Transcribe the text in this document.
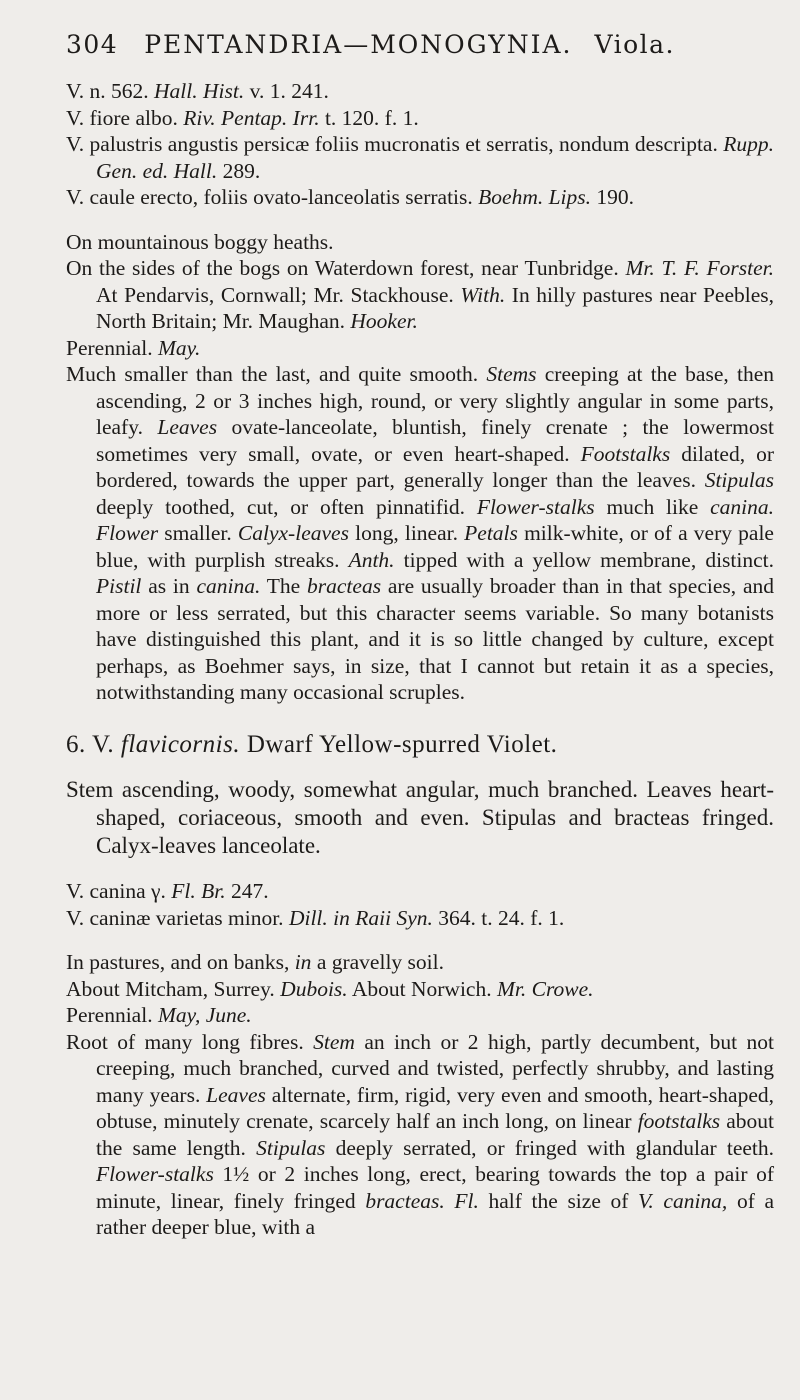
304 PENTANDRIA—MONOGYNIA. Viola.

V. n. 562. Hall. Hist. v. 1. 241.

V. fiore albo. Riv. Pentap. Irr. t. 120. f. 1.

V. palustris angustis persicæ foliis mucronatis et serratis, nondum descripta. Rupp. Gen. ed. Hall. 289.

V. caule erecto, foliis ovato-lanceolatis serratis. Boehm. Lips. 190.

On mountainous boggy heaths.

On the sides of the bogs on Waterdown forest, near Tunbridge. Mr. T. F. Forster. At Pendarvis, Cornwall; Mr. Stackhouse. With. In hilly pastures near Peebles, North Britain; Mr. Maughan. Hooker.

Perennial. May.

Much smaller than the last, and quite smooth. Stems creeping at the base, then ascending, 2 or 3 inches high, round, or very slightly angular in some parts, leafy. Leaves ovate-lanceolate, bluntish, finely crenate ; the lowermost sometimes very small, ovate, or even heart-shaped. Footstalks dilated, or bordered, towards the upper part, generally longer than the leaves. Stipulas deeply toothed, cut, or often pinnatifid. Flower-stalks much like canina. Flower smaller. Calyx-leaves long, linear. Petals milk-white, or of a very pale blue, with purplish streaks. Anth. tipped with a yellow membrane, distinct. Pistil as in canina. The bracteas are usually broader than in that species, and more or less serrated, but this character seems variable. So many botanists have distinguished this plant, and it is so little changed by culture, except perhaps, as Boehmer says, in size, that I cannot but retain it as a species, notwithstanding many occasional scruples.

6. V. flavicornis. Dwarf Yellow-spurred Violet.

Stem ascending, woody, somewhat angular, much branched. Leaves heart-shaped, coriaceous, smooth and even. Stipulas and bracteas fringed. Calyx-leaves lanceolate.

V. canina γ. Fl. Br. 247.

V. caninæ varietas minor. Dill. in Raii Syn. 364. t. 24. f. 1.

In pastures, and on banks, in a gravelly soil.

About Mitcham, Surrey. Dubois. About Norwich. Mr. Crowe.

Perennial. May, June.

Root of many long fibres. Stem an inch or 2 high, partly decumbent, but not creeping, much branched, curved and twisted, perfectly shrubby, and lasting many years. Leaves alternate, firm, rigid, very even and smooth, heart-shaped, obtuse, minutely crenate, scarcely half an inch long, on linear footstalks about the same length. Stipulas deeply serrated, or fringed with glandular teeth. Flower-stalks 1½ or 2 inches long, erect, bearing towards the top a pair of minute, linear, finely fringed bracteas. Fl. half the size of V. canina, of a rather deeper blue, with a
